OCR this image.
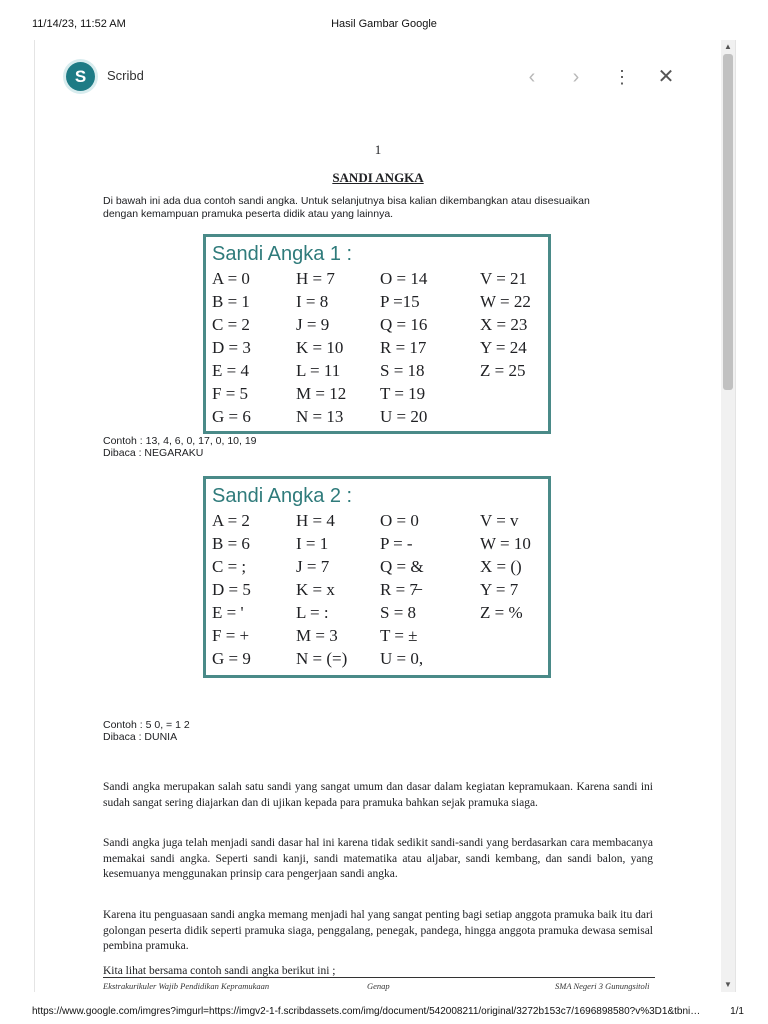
11/14/23, 11:52 AM	Hasil Gambar Google
S	Scribd	‹	›	⋮	✕
1
SANDI ANGKA
Di bawah ini ada dua contoh sandi angka. Untuk selanjutnya bisa kalian dikembangkan atau disesuaikan dengan kemampuan pramuka peserta didik atau yang lainnya.
Sandi Angka 1 :
A = 0	H = 7	O = 14	V = 21
B = 1	I = 8	P =15	W = 22
C = 2	J = 9	Q = 16	X = 23
D = 3	K = 10	R = 17	Y = 24
E = 4	L = 11	S = 18	Z = 25
F = 5	M = 12	T = 19
G = 6	N = 13	U = 20
Contoh : 13, 4, 6, 0, 17, 0, 10, 19
Dibaca : NEGARAKU
Sandi Angka 2 :
A = 2	H = 4	O = 0	V = v
B = 6	I = 1	P = -	W = 10
C = ;	J = 7	Q = &	X = ()
D = 5	K = x	R = 7̶	Y = 7
E = '	L = :	S = 8	Z = %
F = +	M = 3	T = ±
G = 9	N = (=)	U = 0,
Contoh : 5 0, = 1 2
Dibaca : DUNIA
Sandi angka merupakan salah satu sandi yang sangat umum dan dasar dalam kegiatan kepramukaan. Karena sandi ini sudah sangat sering diajarkan dan di ujikan kepada para pramuka bahkan sejak pramuka siaga.
Sandi angka juga telah menjadi sandi dasar hal ini karena tidak sedikit sandi-sandi yang berdasarkan cara membacanya memakai sandi angka. Seperti sandi kanji, sandi matematika atau aljabar, sandi kembang, dan sandi balon, yang kesemuanya menggunakan prinsip cara pengerjaan sandi angka.
Karena itu penguasaan sandi angka memang menjadi hal yang sangat penting bagi setiap anggota pramuka baik itu dari golongan peserta didik seperti pramuka siaga, penggalang, penegak, pandega, hingga anggota pramuka dewasa semisal pembina pramuka.
Kita lihat bersama contoh sandi angka berikut ini ;
Ekstrakurikuler Wajib Pendidikan Kepramukaan	Genap	SMA Negeri 3 Gunungsitoli
▲
▼
https://www.google.com/imgres?imgurl=https://imgv2-1-f.scribdassets.com/img/document/542008211/original/3272b153c7/1696898580?v%3D1&tbni…	1/1
